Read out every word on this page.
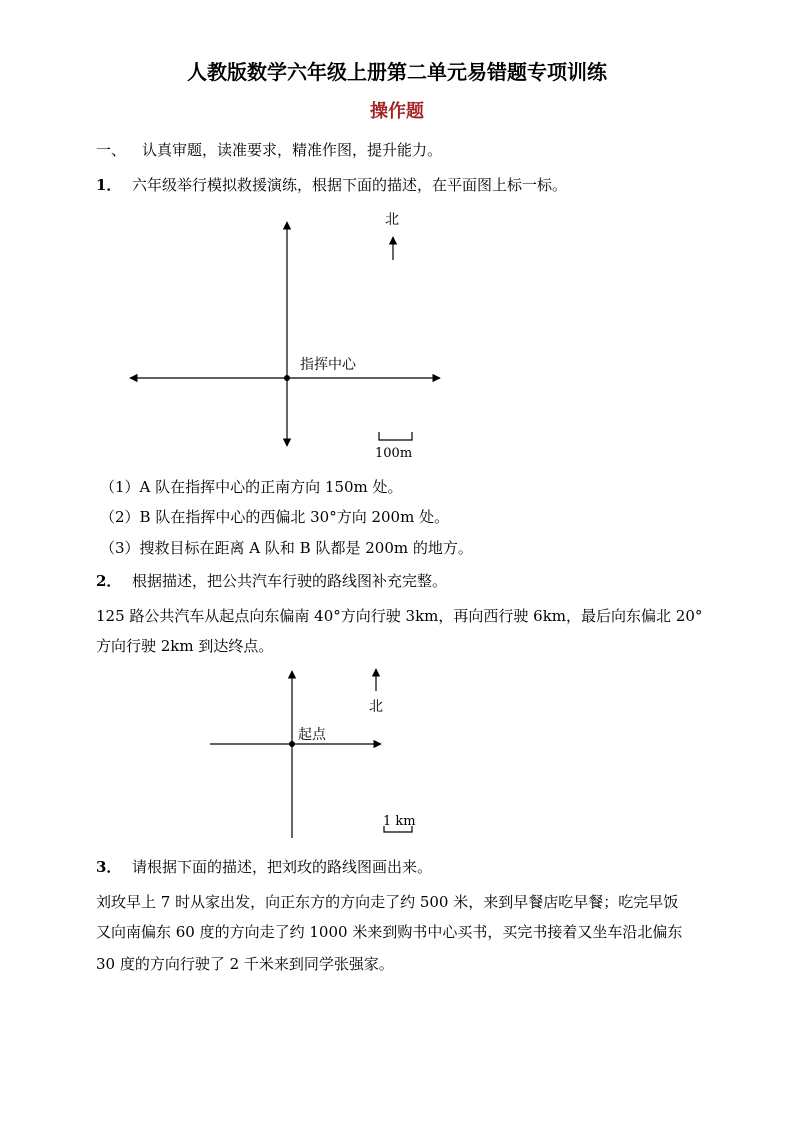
人教版数学六年级上册第二单元易错题专项训练
操作题
一、 认真审题，读准要求，精准作图，提升能力。
1． 六年级举行模拟救援演练，根据下面的描述，在平面图上标一标。
北
指挥中心
100m
（1）A 队在指挥中心的正南方向 150m 处。
（2）B 队在指挥中心的西偏北 30°方向 200m 处。
（3）搜救目标在距离 A 队和 B 队都是 200m 的地方。
2． 根据描述，把公共汽车行驶的路线图补充完整。
125 路公共汽车从起点向东偏南 40°方向行驶 3km，再向西行驶 6km，最后向东偏北 20°
方向行驶 2km 到达终点。
北
起点
1 km
3． 请根据下面的描述，把刘玫的路线图画出来。
刘玫早上 7 时从家出发，向正东方的方向走了约 500 米，来到早餐店吃早餐；吃完早饭
又向南偏东 60 度的方向走了约 1000 米来到购书中心买书，买完书接着又坐车沿北偏东
30 度的方向行驶了 2 千米来到同学张强家。
